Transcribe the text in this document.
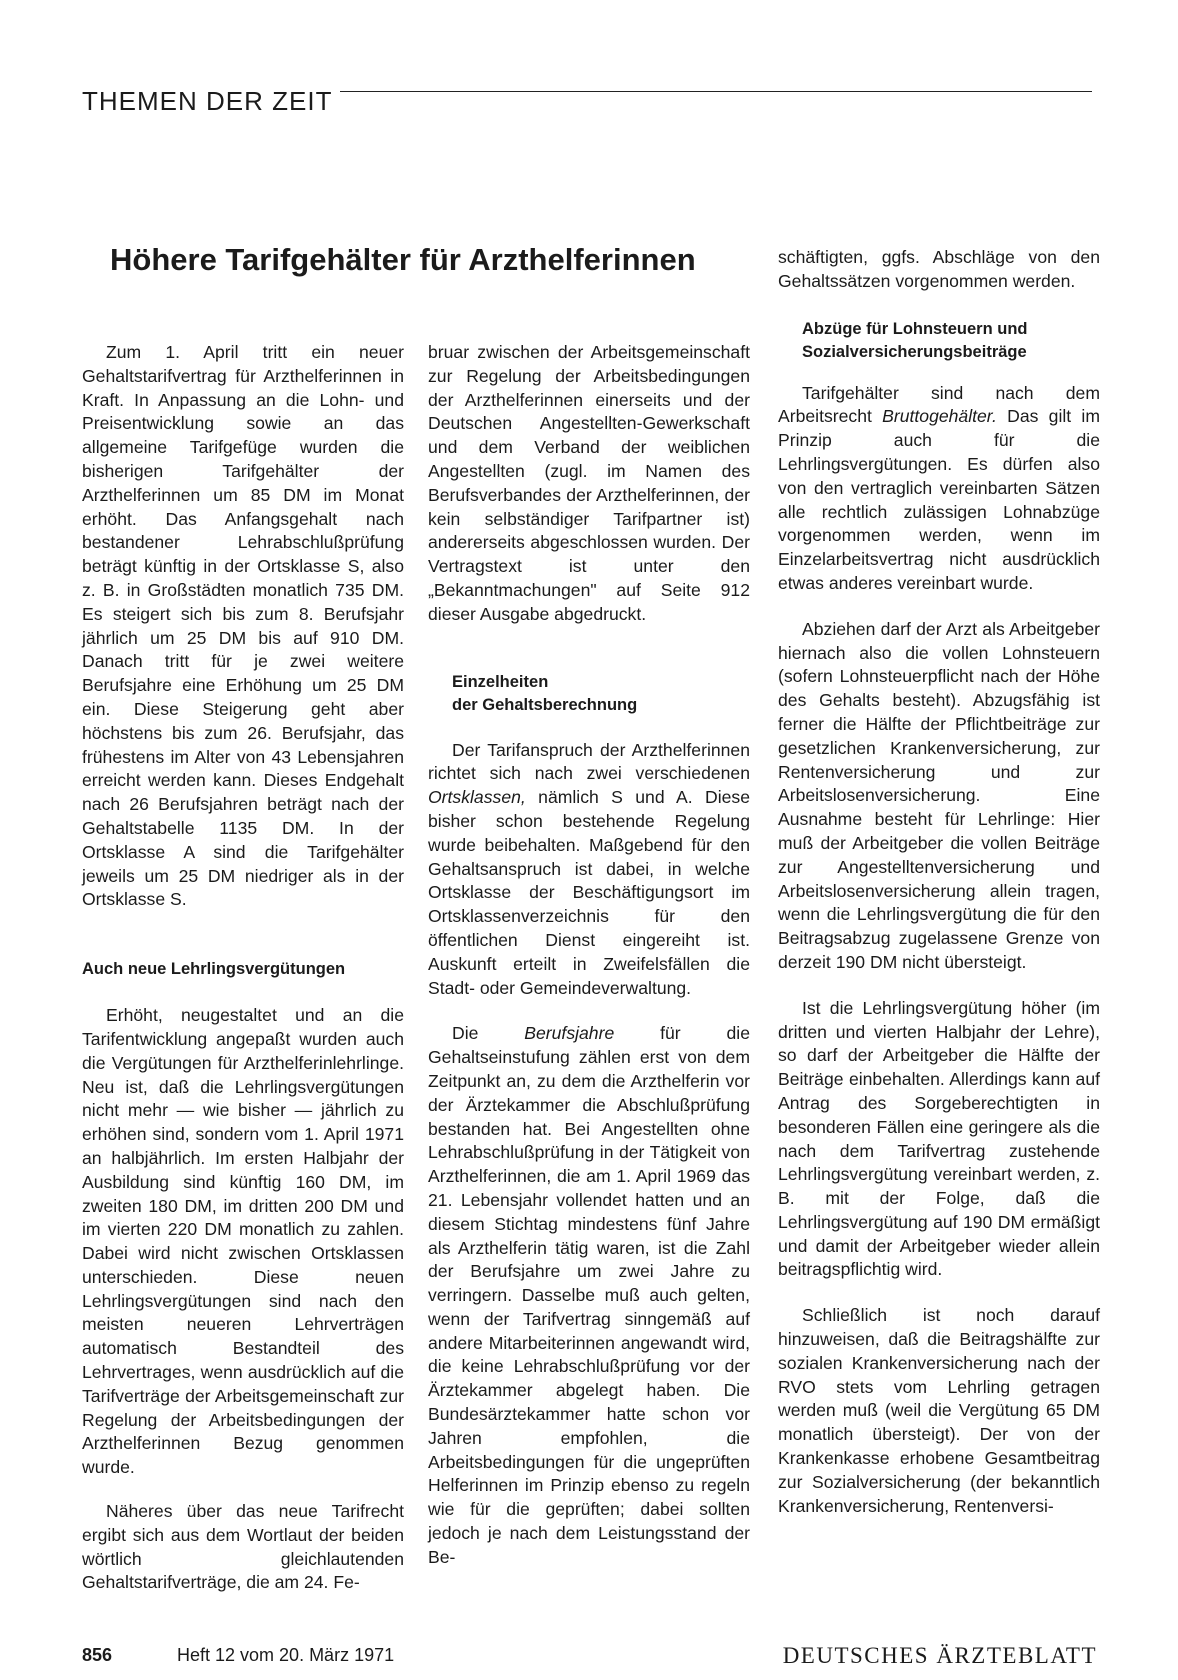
THEMEN DER ZEIT
Höhere Tarifgehälter für Arzthelferinnen

Zum 1. April tritt ein neuer Gehaltstarifvertrag für Arzthelferinnen in Kraft. In Anpassung an die Lohn- und Preisentwicklung sowie an das allgemeine Tarifgefüge wurden die bisherigen Tarifgehälter der Arzthelferinnen um 85 DM im Monat erhöht. Das Anfangsgehalt nach bestandener Lehrabschlußprüfung beträgt künftig in der Ortsklasse S, also z. B. in Großstädten monatlich 735 DM. Es steigert sich bis zum 8. Berufsjahr jährlich um 25 DM bis auf 910 DM. Danach tritt für je zwei weitere Berufsjahre eine Erhöhung um 25 DM ein. Diese Steigerung geht aber höchstens bis zum 26. Berufsjahr, das frühestens im Alter von 43 Lebensjahren erreicht werden kann. Dieses Endgehalt nach 26 Berufsjahren beträgt nach der Gehaltstabelle 1135 DM. In der Ortsklasse A sind die Tarifgehälter jeweils um 25 DM niedriger als in der Ortsklasse S.

Auch neue Lehrlingsvergütungen

Erhöht, neugestaltet und an die Tarifentwicklung angepaßt wurden auch die Vergütungen für Arzthelferinlehrlinge. Neu ist, daß die Lehrlingsvergütungen nicht mehr — wie bisher — jährlich zu erhöhen sind, sondern vom 1. April 1971 an halbjährlich. Im ersten Halbjahr der Ausbildung sind künftig 160 DM, im zweiten 180 DM, im dritten 200 DM und im vierten 220 DM monatlich zu zahlen. Dabei wird nicht zwischen Ortsklassen unterschieden. Diese neuen Lehrlingsvergütungen sind nach den meisten neueren Lehrverträgen automatisch Bestandteil des Lehrvertrages, wenn ausdrücklich auf die Tarifverträge der Arbeitsgemeinschaft zur Regelung der Arbeitsbedingungen der Arzthelferinnen Bezug genommen wurde.

Näheres über das neue Tarifrecht ergibt sich aus dem Wortlaut der beiden wörtlich gleichlautenden Gehaltstarifverträge, die am 24. Fe-

bruar zwischen der Arbeitsgemeinschaft zur Regelung der Arbeitsbedingungen der Arzthelferinnen einerseits und der Deutschen Angestellten-Gewerkschaft und dem Verband der weiblichen Angestellten (zugl. im Namen des Berufsverbandes der Arzthelferinnen, der kein selbständiger Tarifpartner ist) andererseits abgeschlossen wurden. Der Vertragstext ist unter den „Bekanntmachungen" auf Seite 912 dieser Ausgabe abgedruckt.

Einzelheiten
der Gehaltsberechnung

Der Tarifanspruch der Arzthelferinnen richtet sich nach zwei verschiedenen Ortsklassen, nämlich S und A. Diese bisher schon bestehende Regelung wurde beibehalten. Maßgebend für den Gehaltsanspruch ist dabei, in welche Ortsklasse der Beschäftigungsort im Ortsklassenverzeichnis für den öffentlichen Dienst eingereiht ist. Auskunft erteilt in Zweifelsfällen die Stadt- oder Gemeindeverwaltung.

Die Berufsjahre für die Gehaltseinstufung zählen erst von dem Zeitpunkt an, zu dem die Arzthelferin vor der Ärztekammer die Abschlußprüfung bestanden hat. Bei Angestellten ohne Lehrabschlußprüfung in der Tätigkeit von Arzthelferinnen, die am 1. April 1969 das 21. Lebensjahr vollendet hatten und an diesem Stichtag mindestens fünf Jahre als Arzthelferin tätig waren, ist die Zahl der Berufsjahre um zwei Jahre zu verringern. Dasselbe muß auch gelten, wenn der Tarifvertrag sinngemäß auf andere Mitarbeiterinnen angewandt wird, die keine Lehrabschlußprüfung vor der Ärztekammer abgelegt haben. Die Bundesärztekammer hatte schon vor Jahren empfohlen, die Arbeitsbedingungen für die ungeprüften Helferinnen im Prinzip ebenso zu regeln wie für die geprüften; dabei sollten jedoch je nach dem Leistungsstand der Be-

schäftigten, ggfs. Abschläge von den Gehaltssätzen vorgenommen werden.

Abzüge für Lohnsteuern und
Sozialversicherungsbeiträge

Tarifgehälter sind nach dem Arbeitsrecht Bruttogehälter. Das gilt im Prinzip auch für die Lehrlingsvergütungen. Es dürfen also von den vertraglich vereinbarten Sätzen alle rechtlich zulässigen Lohnabzüge vorgenommen werden, wenn im Einzelarbeitsvertrag nicht ausdrücklich etwas anderes vereinbart wurde.

Abziehen darf der Arzt als Arbeitgeber hiernach also die vollen Lohnsteuern (sofern Lohnsteuerpflicht nach der Höhe des Gehalts besteht). Abzugsfähig ist ferner die Hälfte der Pflichtbeiträge zur gesetzlichen Krankenversicherung, zur Rentenversicherung und zur Arbeitslosenversicherung. Eine Ausnahme besteht für Lehrlinge: Hier muß der Arbeitgeber die vollen Beiträge zur Angestelltenversicherung und Arbeitslosenversicherung allein tragen, wenn die Lehrlingsvergütung die für den Beitragsabzug zugelassene Grenze von derzeit 190 DM nicht übersteigt.

Ist die Lehrlingsvergütung höher (im dritten und vierten Halbjahr der Lehre), so darf der Arbeitgeber die Hälfte der Beiträge einbehalten. Allerdings kann auf Antrag des Sorgeberechtigten in besonderen Fällen eine geringere als die nach dem Tarifvertrag zustehende Lehrlingsvergütung vereinbart werden, z. B. mit der Folge, daß die Lehrlingsvergütung auf 190 DM ermäßigt und damit der Arbeitgeber wieder allein beitragspflichtig wird.

Schließlich ist noch darauf hinzuweisen, daß die Beitragshälfte zur sozialen Krankenversicherung nach der RVO stets vom Lehrling getragen werden muß (weil die Vergütung 65 DM monatlich übersteigt). Der von der Krankenkasse erhobene Gesamtbeitrag zur Sozialversicherung (der bekanntlich Krankenversicherung, Rentenversi-

856	Heft 12 vom 20. März 1971	DEUTSCHES ÄRZTEBLATT
